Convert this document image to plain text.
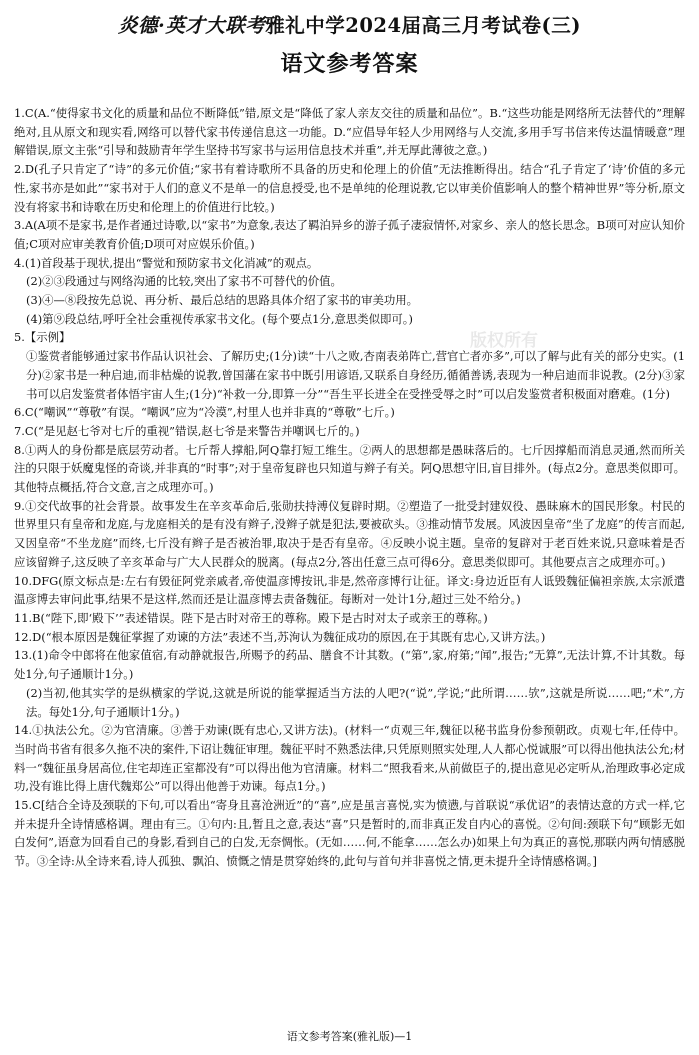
炎德·英才大联考雅礼中学2024届高三月考试卷(三)
语文参考答案

1.C(A.“使得家书文化的质量和品位不断降低”错,原文是“降低了家人亲友交往的质量和品位”。B.“这些功能是网络所无法替代的”理解绝对,且从原文和现实看,网络可以替代家书传递信息这一功能。D.“应倡导年轻人少用网络与人交流,多用手写书信来传达温情暖意”理解错误,原文主张“引导和鼓励青年学生坚持书写家书与运用信息技术并重”,并无厚此薄彼之意。)

2.D(孔子只肯定了“诗”的多元价值;“家书有着诗歌所不具备的历史和伦理上的价值”无法推断得出。结合“孔子肯定了‘诗’价值的多元性,家书亦是如此”“家书对于人们的意义不是单一的信息授受,也不是单纯的伦理说教,它以审美价值影响人的整个精神世界”等分析,原文没有将家书和诗歌在历史和伦理上的价值进行比较。)

3.A(A项不是家书,是作者通过诗歌,以“家书”为意象,表达了羁泊异乡的游子孤子凄寂情怀,对家乡、亲人的悠长思念。B项可对应认知价值;C项对应审美教育价值;D项可对应娱乐价值。)

4.(1)首段基于现状,提出“警觉和预防家书文化消减”的观点。

(2)②③段通过与网络沟通的比较,突出了家书不可替代的价值。

(3)④—⑧段按先总说、再分析、最后总结的思路具体介绍了家书的审美功用。

(4)第⑨段总结,呼吁全社会重视传承家书文化。(每个要点1分,意思类似即可。)

5.【示例】

①鉴赏者能够通过家书作品认识社会、了解历史;(1分)读“十八之败,杏南表弟阵亡,营官亡者亦多”,可以了解与此有关的部分史实。(1分)②家书是一种启迪,而非枯燥的说教,曾国藩在家书中既引用谚语,又联系自身经历,循循善诱,表现为一种启迪而非说教。(2分)③家书可以启发鉴赏者体悟宇宙人生;(1分)“补救一分,即算一分”“吾生平长进全在受挫受辱之时”可以启发鉴赏者积极面对磨难。(1分)

6.C(“嘲讽”“尊敬”有误。“嘲讽”应为“冷漠”,村里人也并非真的“尊敬”七斤。)

7.C(“是见赵七爷对七斤的重视”错误,赵七爷是来警告并嘲讽七斤的。)

8.①两人的身份都是底层劳动者。七斤帮人撑船,阿Q靠打短工维生。②两人的思想都是愚昧落后的。七斤因撑船而消息灵通,然而所关注的只限于妖魔鬼怪的奇谈,并非真的“时事”;对于皇帝复辟也只知道与辫子有关。阿Q思想守旧,盲目排外。(每点2分。意思类似即可。其他特点概括,符合文意,言之成理亦可。)

9.①交代故事的社会背景。故事发生在辛亥革命后,张勋扶持溥仪复辟时期。②塑造了一批受封建奴役、愚昧麻木的国民形象。村民的世界里只有皇帝和龙庭,与龙庭相关的是有没有辫子,没辫子就是犯法,要被砍头。③推动情节发展。风波因皇帝“坐了龙庭”的传言而起,又因皇帝“不坐龙庭”而终,七斤没有辫子是否被治罪,取决于是否有皇帝。④反映小说主题。皇帝的复辟对于老百姓来说,只意味着是否应该留辫子,这反映了辛亥革命与广大人民群众的脱离。(每点2分,答出任意三点可得6分。意思类似即可。其他要点言之成理亦可。)

10.DFG(原文标点是:左右有毁征阿党亲戚者,帝使温彦博按讯,非是,然帝彦博行让征。译文:身边近臣有人诋毁魏征偏袒亲族,太宗派遣温彦博去审问此事,结果不是这样,然而还是让温彦博去责备魏征。每断对一处计1分,超过三处不给分。)

11.B(“陛下,即‘殿下’”表述错误。陛下是古时对帝王的尊称。殿下是古时对太子或亲王的尊称。)

12.D(“根本原因是魏征掌握了劝谏的方法”表述不当,苏洵认为魏征成功的原因,在于其既有忠心,又讲方法。)

13.(1)命令中郎将在他家值宿,有动静就报告,所赐予的药品、膳食不计其数。(“第”,家,府第;“闻”,报告;“无算”,无法计算,不计其数。每处1分,句子通顺计1分。)

(2)当初,他其实学的是纵横家的学说,这就是所说的能掌握适当方法的人吧?(“说”,学说;“此所谓……欤”,这就是所说……吧;“术”,方法。每处1分,句子通顺计1分。)

14.①执法公允。②为官清廉。③善于劝谏(既有忠心,又讲方法)。(材料一“贞观三年,魏征以秘书监身份参预朝政。贞观七年,任侍中。当时尚书省有很多久拖不决的案件,下诏让魏征审理。魏征平时不熟悉法律,只凭原则照实处理,人人都心悦诚服”可以得出他执法公允;材料一“魏征虽身居高位,住宅却连正室都没有”可以得出他为官清廉。材料二“照我看来,从前做臣子的,提出意见必定听从,治理政事必定成功,没有谁比得上唐代魏郑公”可以得出他善于劝谏。每点1分。)

15.C[结合全诗及颈联的下句,可以看出“寄身且喜沧洲近”的“喜”,应是虽言喜悦,实为愤懑,与首联说“承优诏”的表情达意的方式一样,它并未提升全诗情感格调。理由有三。①句内:且,暂且之意,表达“喜”只是暂时的,而非真正发自内心的喜悦。②句间:颈联下句“顾影无如白发何”,语意为回看自己的身影,看到自己的白发,无奈惆怅。(无如……何,不能拿……怎么办)如果上句为真正的喜悦,那联内两句情感脱节。③全诗:从全诗来看,诗人孤独、飘泊、愤慨之情是贯穿始终的,此句与首句并非喜悦之情,更未提升全诗情感格调。]

版权所有
语文参考答案(雅礼版)—1
